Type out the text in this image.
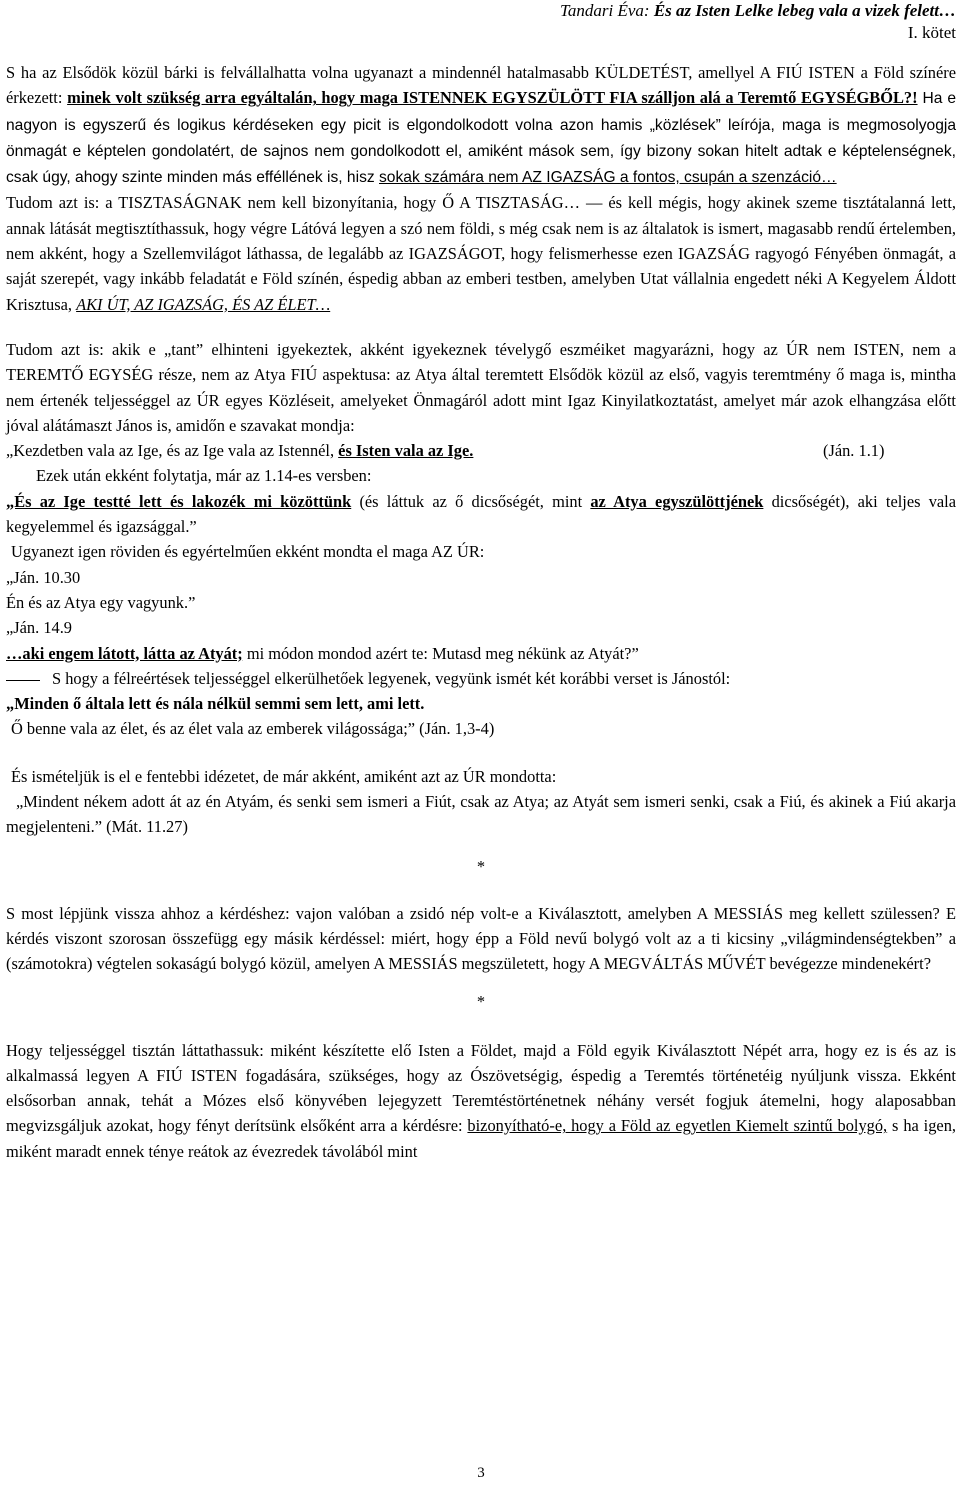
Tandari Éva: És az Isten Lelke lebeg vala a vizek felett…
I. kötet

S ha az Elsődök közül bárki is felvállalhatta volna ugyanazt a mindennél hatalmasabb KÜLDETÉST, amellyel A FIÚ ISTEN a Föld színére érkezett: minek volt szükség arra egyáltalán, hogy maga ISTENNEK EGYSZÜLÖTT FIA szálljon alá a Teremtő EGYSÉGBŐL?! Ha e nagyon is egyszerű és logikus kérdéseken egy picit is elgondolkodott volna azon hamis „közlések” leírója, maga is megmosolyogja önmagát e képtelen gondolatért, de sajnos nem gondolkodott el, amiként mások sem, így bizony sokan hitelt adtak e képtelenségnek, csak úgy, ahogy szinte minden más efféllének is, hisz sokak számára nem AZ IGAZSÁG a fontos, csupán a szenzáció…

Tudom azt is: a TISZTASÁGNAK nem kell bizonyítania, hogy Ő A TISZTASÁG… — és kell mégis, hogy akinek szeme tisztátalanná lett, annak látását megtisztíthassuk, hogy végre Látóvá legyen a szó nem földi, s még csak nem is az általatok is ismert, magasabb rendű értelemben, nem akként, hogy a Szellemvilágot láthassa, de legalább az IGAZSÁGOT, hogy felismerhesse ezen IGAZSÁG ragyogó Fényében önmagát, a saját szerepét, vagy inkább feladatát e Föld színén, éspedig abban az emberi testben, amelyben Utat vállalnia engedett néki A Kegyelem Áldott Krisztusa, AKI ÚT, AZ IGAZSÁG, ÉS AZ ÉLET…

Tudom azt is: akik e „tant” elhinteni igyekeztek, akként igyekeznek tévelygő eszméiket magyarázni, hogy az ÚR nem ISTEN, nem a TEREMTŐ EGYSÉG része, nem az Atya FIÚ aspektusa: az Atya által teremtett Elsődök közül az első, vagyis teremtmény ő maga is, mintha nem értenék teljességgel az ÚR egyes Közléseit, amelyeket Önmagáról adott mint Igaz Kinyilatkoztatást, amelyet már azok elhangzása előtt jóval alátámaszt János is, amidőn e szavakat mondja:

„Kezdetben vala az Ige, és az Ige vala az Istennél, és Isten vala az Ige.	(Ján. 1.1)

Ezek után ekként folytatja, már az 1.14-es versben:

„És az Ige testté lett és lakozék mi közöttünk (és láttuk az ő dicsőségét, mint az Atya egyszülöttjének dicsőségét), aki teljes vala kegyelemmel és igazsággal.”

Ugyanezt igen röviden és egyértelműen ekként mondta el maga AZ ÚR:

„Ján. 10.30

Én és az Atya egy vagyunk.”

„Ján. 14.9

…aki engem látott, látta az Atyát; mi módon mondod azért te: Mutasd meg nékünk az Atyát?”

S hogy a félreértések teljességgel elkerülhetőek legyenek, vegyünk ismét két korábbi verset is Jánostól:

„Minden ő általa lett és nála nélkül semmi sem lett, ami lett.

Ő benne vala az élet, és az élet vala az emberek világossága;” (Ján. 1,3-4)

És ismételjük is el e fentebbi idézetet, de már akként, amiként azt az ÚR mondotta:

„Mindent nékem adott át az én Atyám, és senki sem ismeri a Fiút, csak az Atya; az Atyát sem ismeri senki, csak a Fiú, és akinek a Fiú akarja megjelenteni.” (Mát. 11.27)

*

S most lépjünk vissza ahhoz a kérdéshez: vajon valóban a zsidó nép volt-e a Kiválasztott, amelyben A MESSIÁS meg kellett szülessen? E kérdés viszont szorosan összefügg egy másik kérdéssel: miért, hogy épp a Föld nevű bolygó volt az a ti kicsiny „világmindenségtekben” a (számotokra) végtelen sokaságú bolygó közül, amelyen A MESSIÁS megszületett, hogy A MEGVÁLTÁS MŰVÉT bevégezze mindenekért?

*

Hogy teljességgel tisztán láttathassuk: miként készítette elő Isten a Földet, majd a Föld egyik Kiválasztott Népét arra, hogy ez is és az is alkalmassá legyen A FIÚ ISTEN fogadására, szükséges, hogy az Ószövetségig, éspedig a Teremtés történetéig nyúljunk vissza. Ekként elsősorban annak, tehát a Mózes első könyvében lejegyzett Teremtéstörténetnek néhány versét fogjuk átemelni, hogy alaposabban megvizsgáljuk azokat, hogy fényt derítsünk elsőként arra a kérdésre: bizonyítható-e, hogy a Föld az egyetlen Kiemelt szintű bolygó, s ha igen, miként maradt ennek ténye reátok az évezredek távolából mint

3
